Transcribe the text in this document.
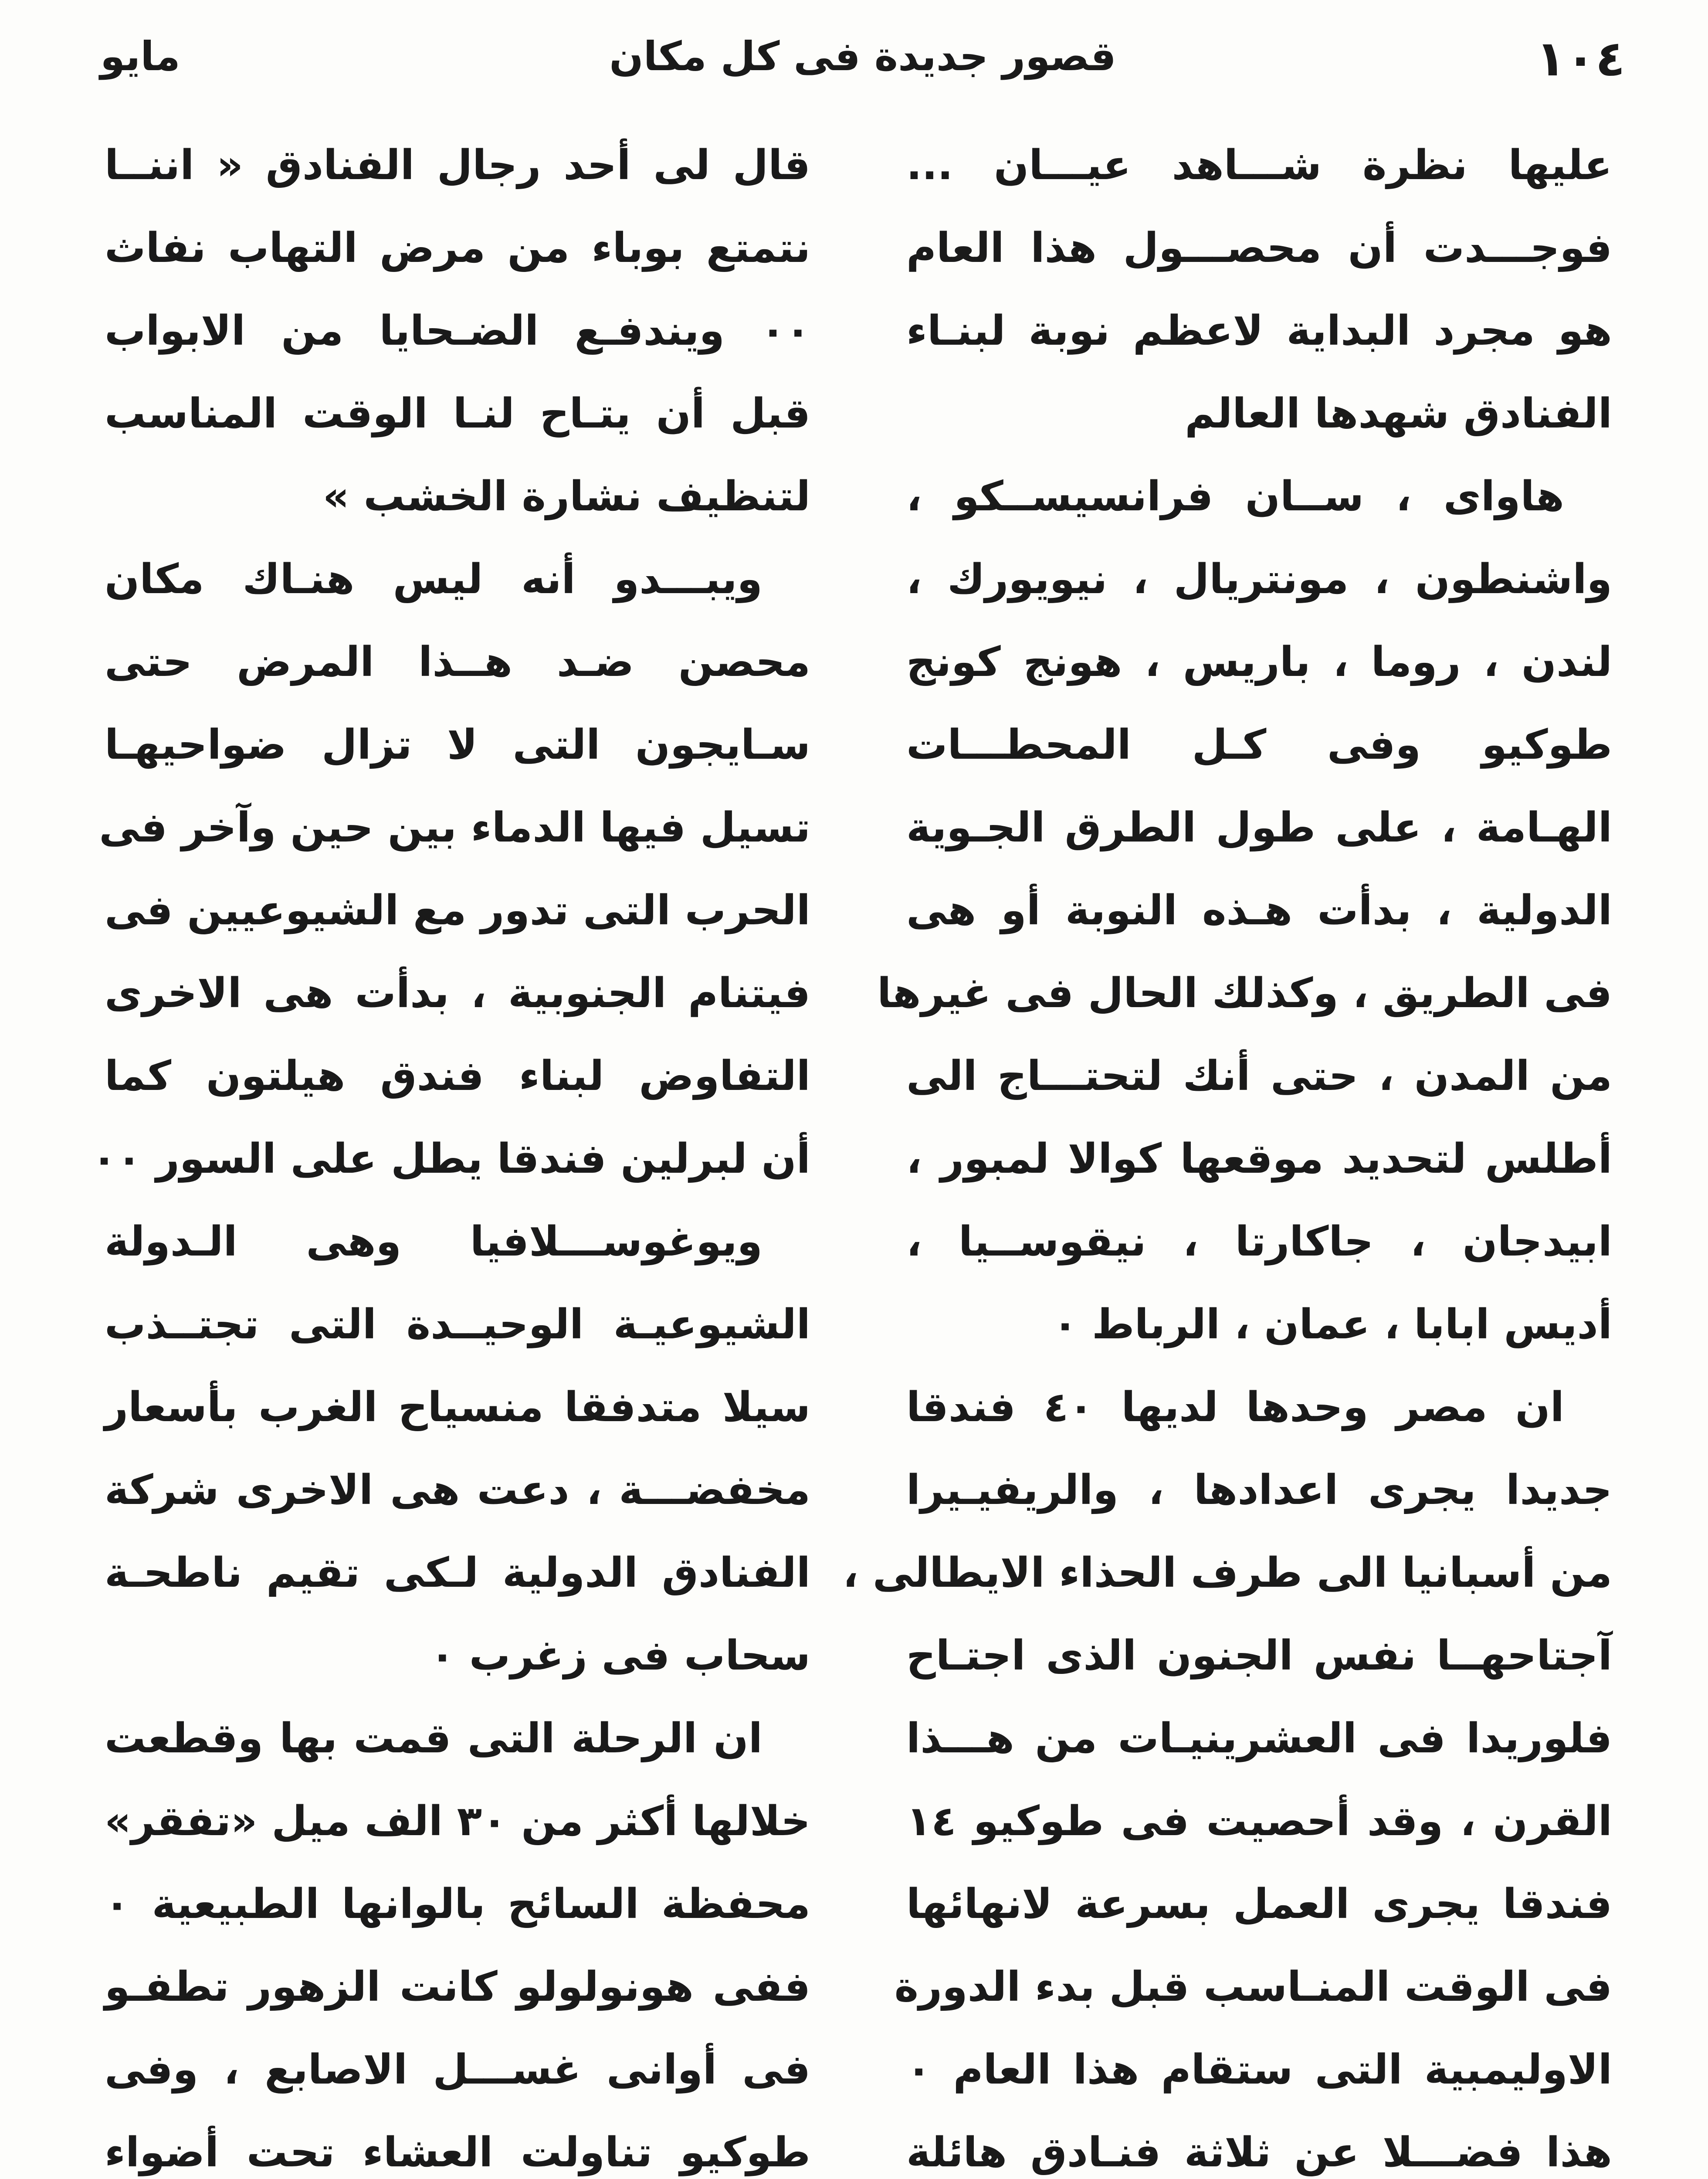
١٠٤
قصور جديدة فى كل مكان
مايو
عليها نظرة شـــاهد عيـــان ...
فوجـــدت أن محصـــول هذا العام
هو مجرد البداية لاعظم نوبة لبنـاء
الفنادق شهدها العالم
هاواى ، ســان فرانسيســكو ،
واشنطون ، مونتريال ، نيويورك ،
لندن ، روما ، باريس ، هونج كونج
طوكيو وفى كـل المحطـــات
الهـامة ، على طول الطرق الجـوية
الدولية ، بدأت هـذه النوبة أو هى
فى الطريق ، وكذلك الحال فى غيرها
من المدن ، حتى أنك لتحتـــاج الى
أطلس لتحديد موقعها كوالا لمبور ،
ابيدجان ، جاكارتا ، نيقوســيا ،
أديس ابابا ، عمان ، الرباط ٠
ان مصر وحدها لديها ٤٠ فندقا
جديدا يجرى اعدادها ، والريفيـيرا
من أسبانيا الى طرف الحذاء الايطالى ،
آجتاحهــا نفس الجنون الذى اجتـاح
فلوريدا فى العشرينيـات من هـــذا
القرن ، وقد أحصيت فى طوكيو ١٤
فندقا يجرى العمل بسرعة لانهائها
فى الوقت المنـاسب قبل بدء الدورة
الاوليمبية التى ستقام هذا العام ٠
هذا فضـــلا عن ثلاثة فنـادق هائلة
قال لى أحد رجال الفنادق « اننــا
نتمتع بوباء من مرض التهاب نفاث
٠٠ ويندفـع الضـحايا من الابواب
قبل أن يتـاح لنـا الوقت المناسب
لتنظيف نشارة الخشب »
ويبـــدو أنه ليس هنـاك مكان
محصن ضـد هــذا المرض حتى
سـايجون التى لا تزال ضواحيهـا
تسيل فيها الدماء بين حين وآخر فى
الحرب التى تدور مع الشيوعيين فى
فيتنام الجنوبية ، بدأت هى الاخرى
التفاوض لبناء فندق هيلتون كما
أن لبرلين فندقا يطل على السور ٠٠
ويوغوســـلافيا وهى الـدولة
الشيوعيـة الوحيــدة التى تجتــذب
سيلا متدفقا منسياح الغرب بأسعار
مخفضـــة ، دعت هى الاخرى شركة
الفنادق الدولية لـكى تقيم ناطحـة
سحاب فى زغرب ٠
ان الرحلة التى قمت بها وقطعت
خلالها أكثر من ٣٠ الف ميل «تفقر»
محفظة السائح بالوانها الطبيعية ٠
ففى هونولولو كانت الزهور تطفـو
فى أوانى غســـل الاصابع ، وفى
طوكيو تناولت العشاء تحت أضواء
